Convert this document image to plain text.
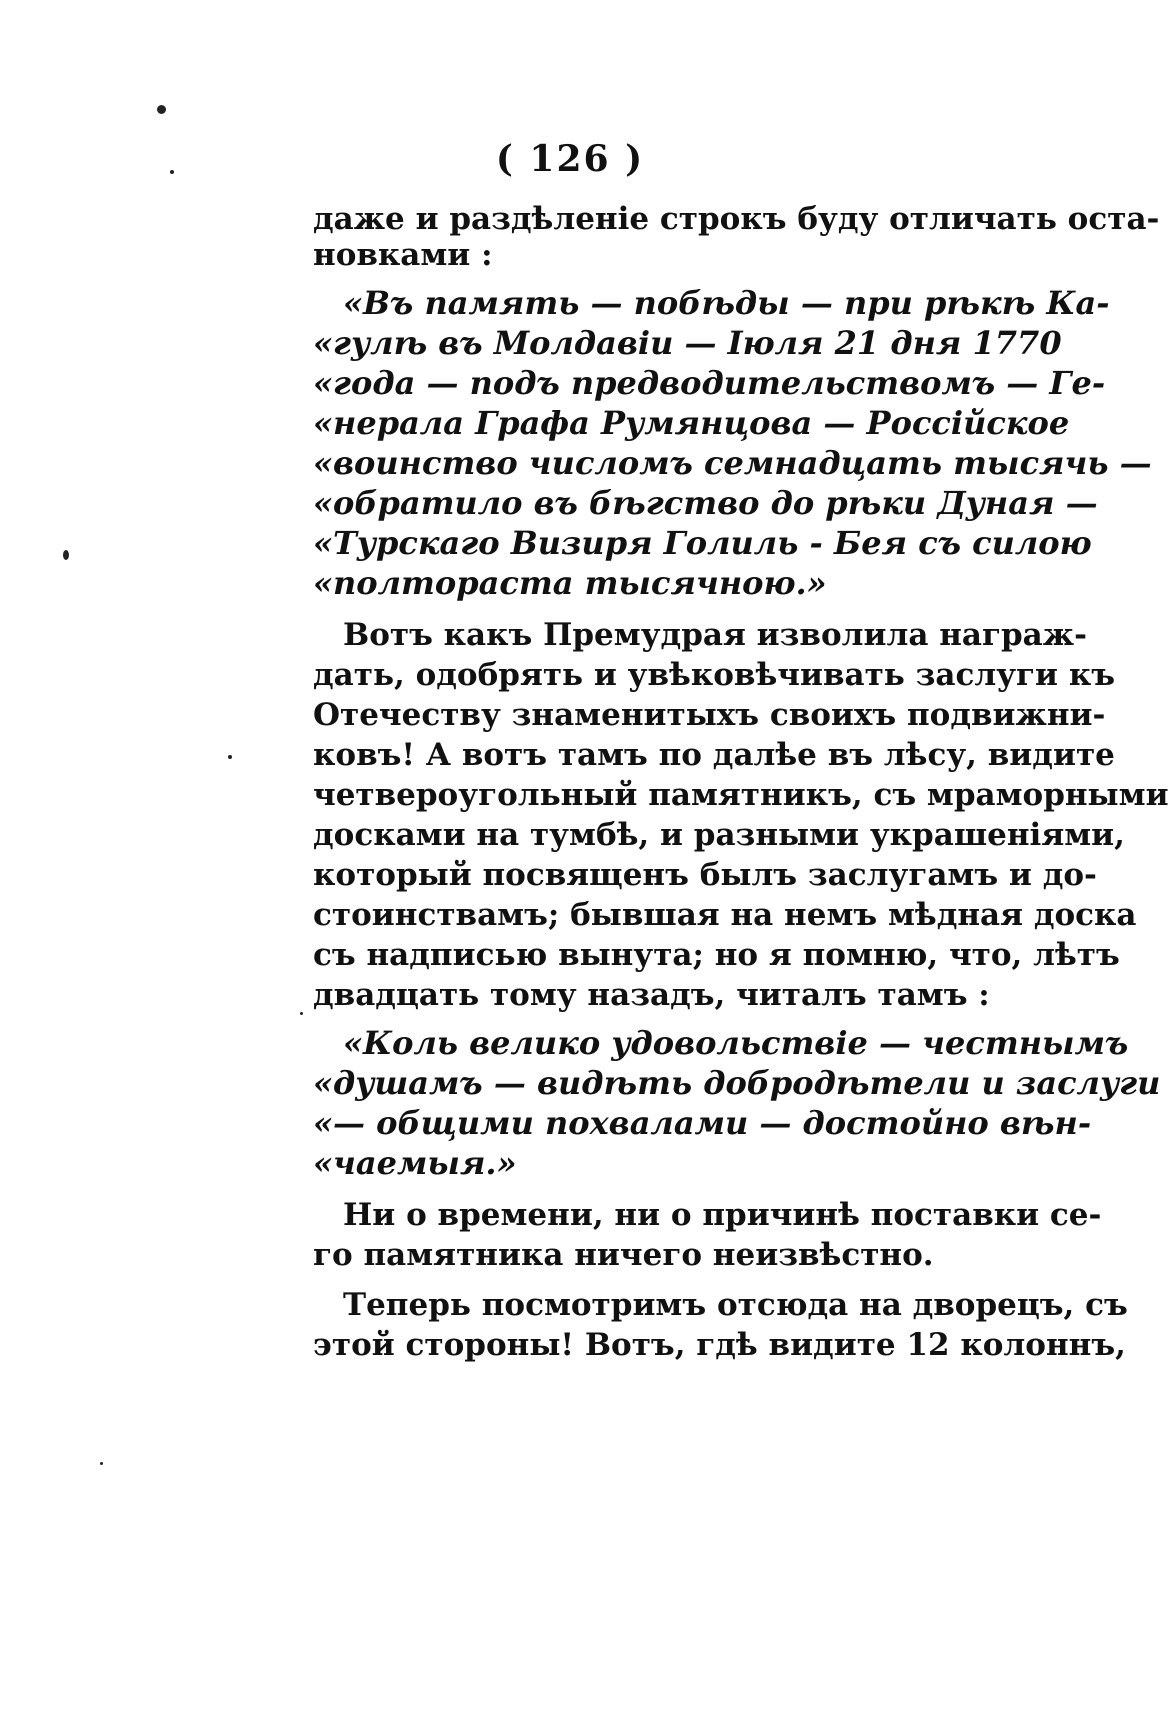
( 126 )
даже и раздѣленіе строкъ буду отличать оста-
новками :
«Въ память — побѣды — при рѣкѣ Ка-
«гулѣ въ Молдавіи — Іюля 21 дня 1770
«года — подъ предводительствомъ — Ге-
«нерала Графа Румянцова — Россійское
«воинство числомъ семнадцать тысячь —
«обратило въ бѣгство до рѣки Дуная —
«Турскаго Визиря Голиль - Бея съ силою
«полтораста тысячною.»
Вотъ какъ Премудрая изволила награж-
дать, одобрять и увѣковѣчивать заслуги къ
Отечеству знаменитыхъ своихъ подвижни-
ковъ! А вотъ тамъ по далѣе въ лѣсу, видите
четвероугольный памятникъ, съ мраморными
досками на тумбѣ, и разными украшеніями,
который посвященъ былъ заслугамъ и до-
стоинствамъ; бывшая на немъ мѣдная доска
съ надписью вынута; но я помню, что, лѣтъ
двадцать тому назадъ, читалъ тамъ :
«Коль велико удовольствіе — честнымъ
«душамъ — видѣть добродѣтели и заслуги
«— общими похвалами — достойно вѣн-
«чаемыя.»
Ни о времени, ни о причинѣ поставки се-
го памятника ничего неизвѣстно.
Теперь посмотримъ отсюда на дворецъ, съ
этой стороны! Вотъ, гдѣ видите 12 колоннъ,
